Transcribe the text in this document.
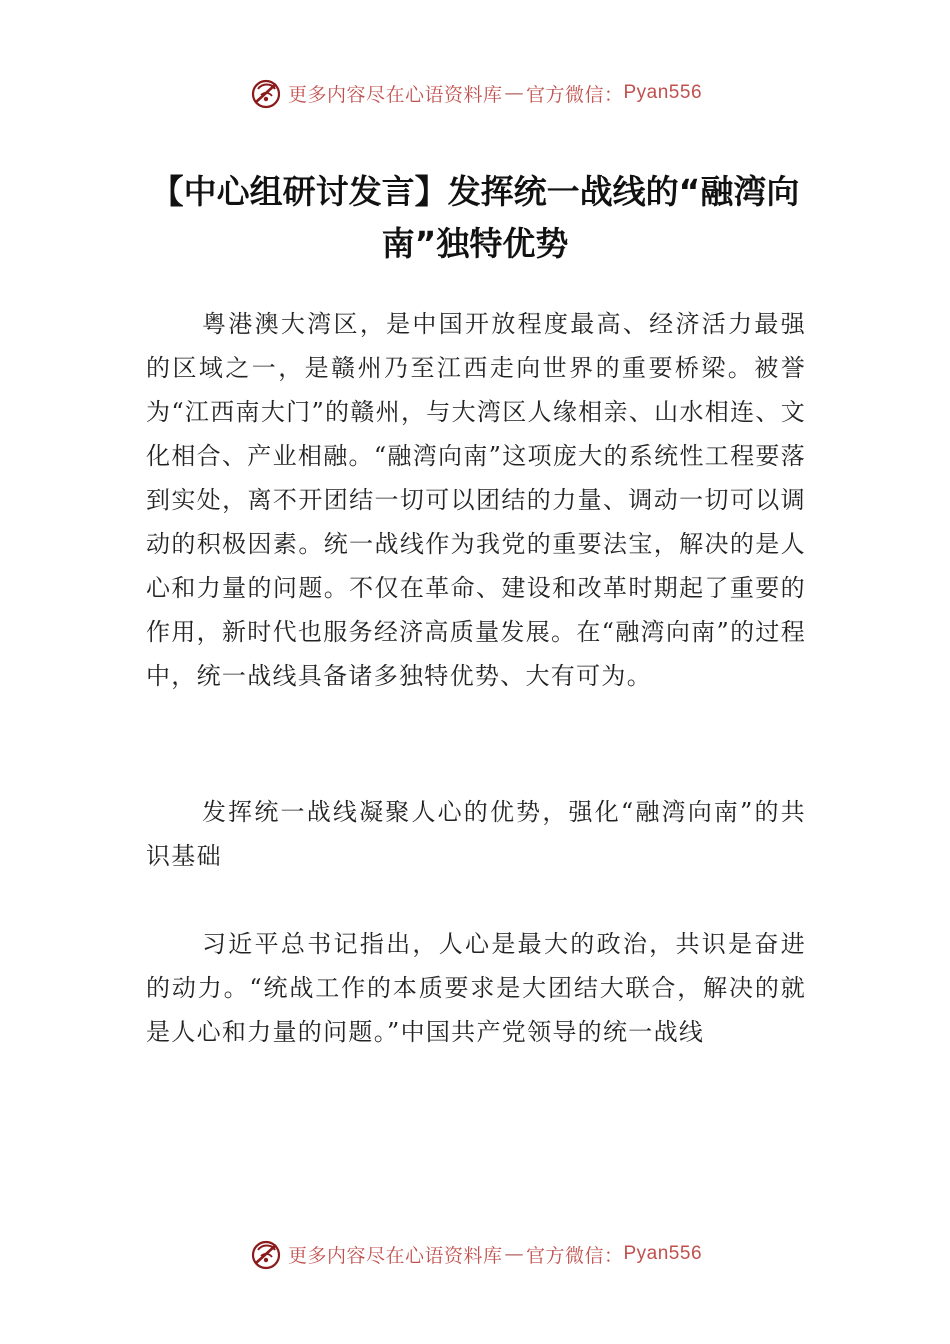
更多内容尽在心语资料库 — 官方微信： Pyan556
【中心组研讨发言】发挥统一战线的“融湾向南”独特优势

粤港澳大湾区，是中国开放程度最高、经济活力最强的区域之一，是赣州乃至江西走向世界的重要桥梁。被誉为“江西南大门”的赣州，与大湾区人缘相亲、山水相连、文化相合、产业相融。“融湾向南”这项庞大的系统性工程要落到实处，离不开团结一切可以团结的力量、调动一切可以调动的积极因素。统一战线作为我党的重要法宝，解决的是人心和力量的问题。不仅在革命、建设和改革时期起了重要的作用，新时代也服务经济高质量发展。在“融湾向南”的过程中，统一战线具备诸多独特优势、大有可为。

发挥统一战线凝聚人心的优势，强化“融湾向南”的共识基础

习近平总书记指出，人心是最大的政治，共识是奋进的动力。“统战工作的本质要求是大团结大联合，解决的就是人心和力量的问题。”中国共产党领导的统一战线

更多内容尽在心语资料库 — 官方微信： Pyan556
